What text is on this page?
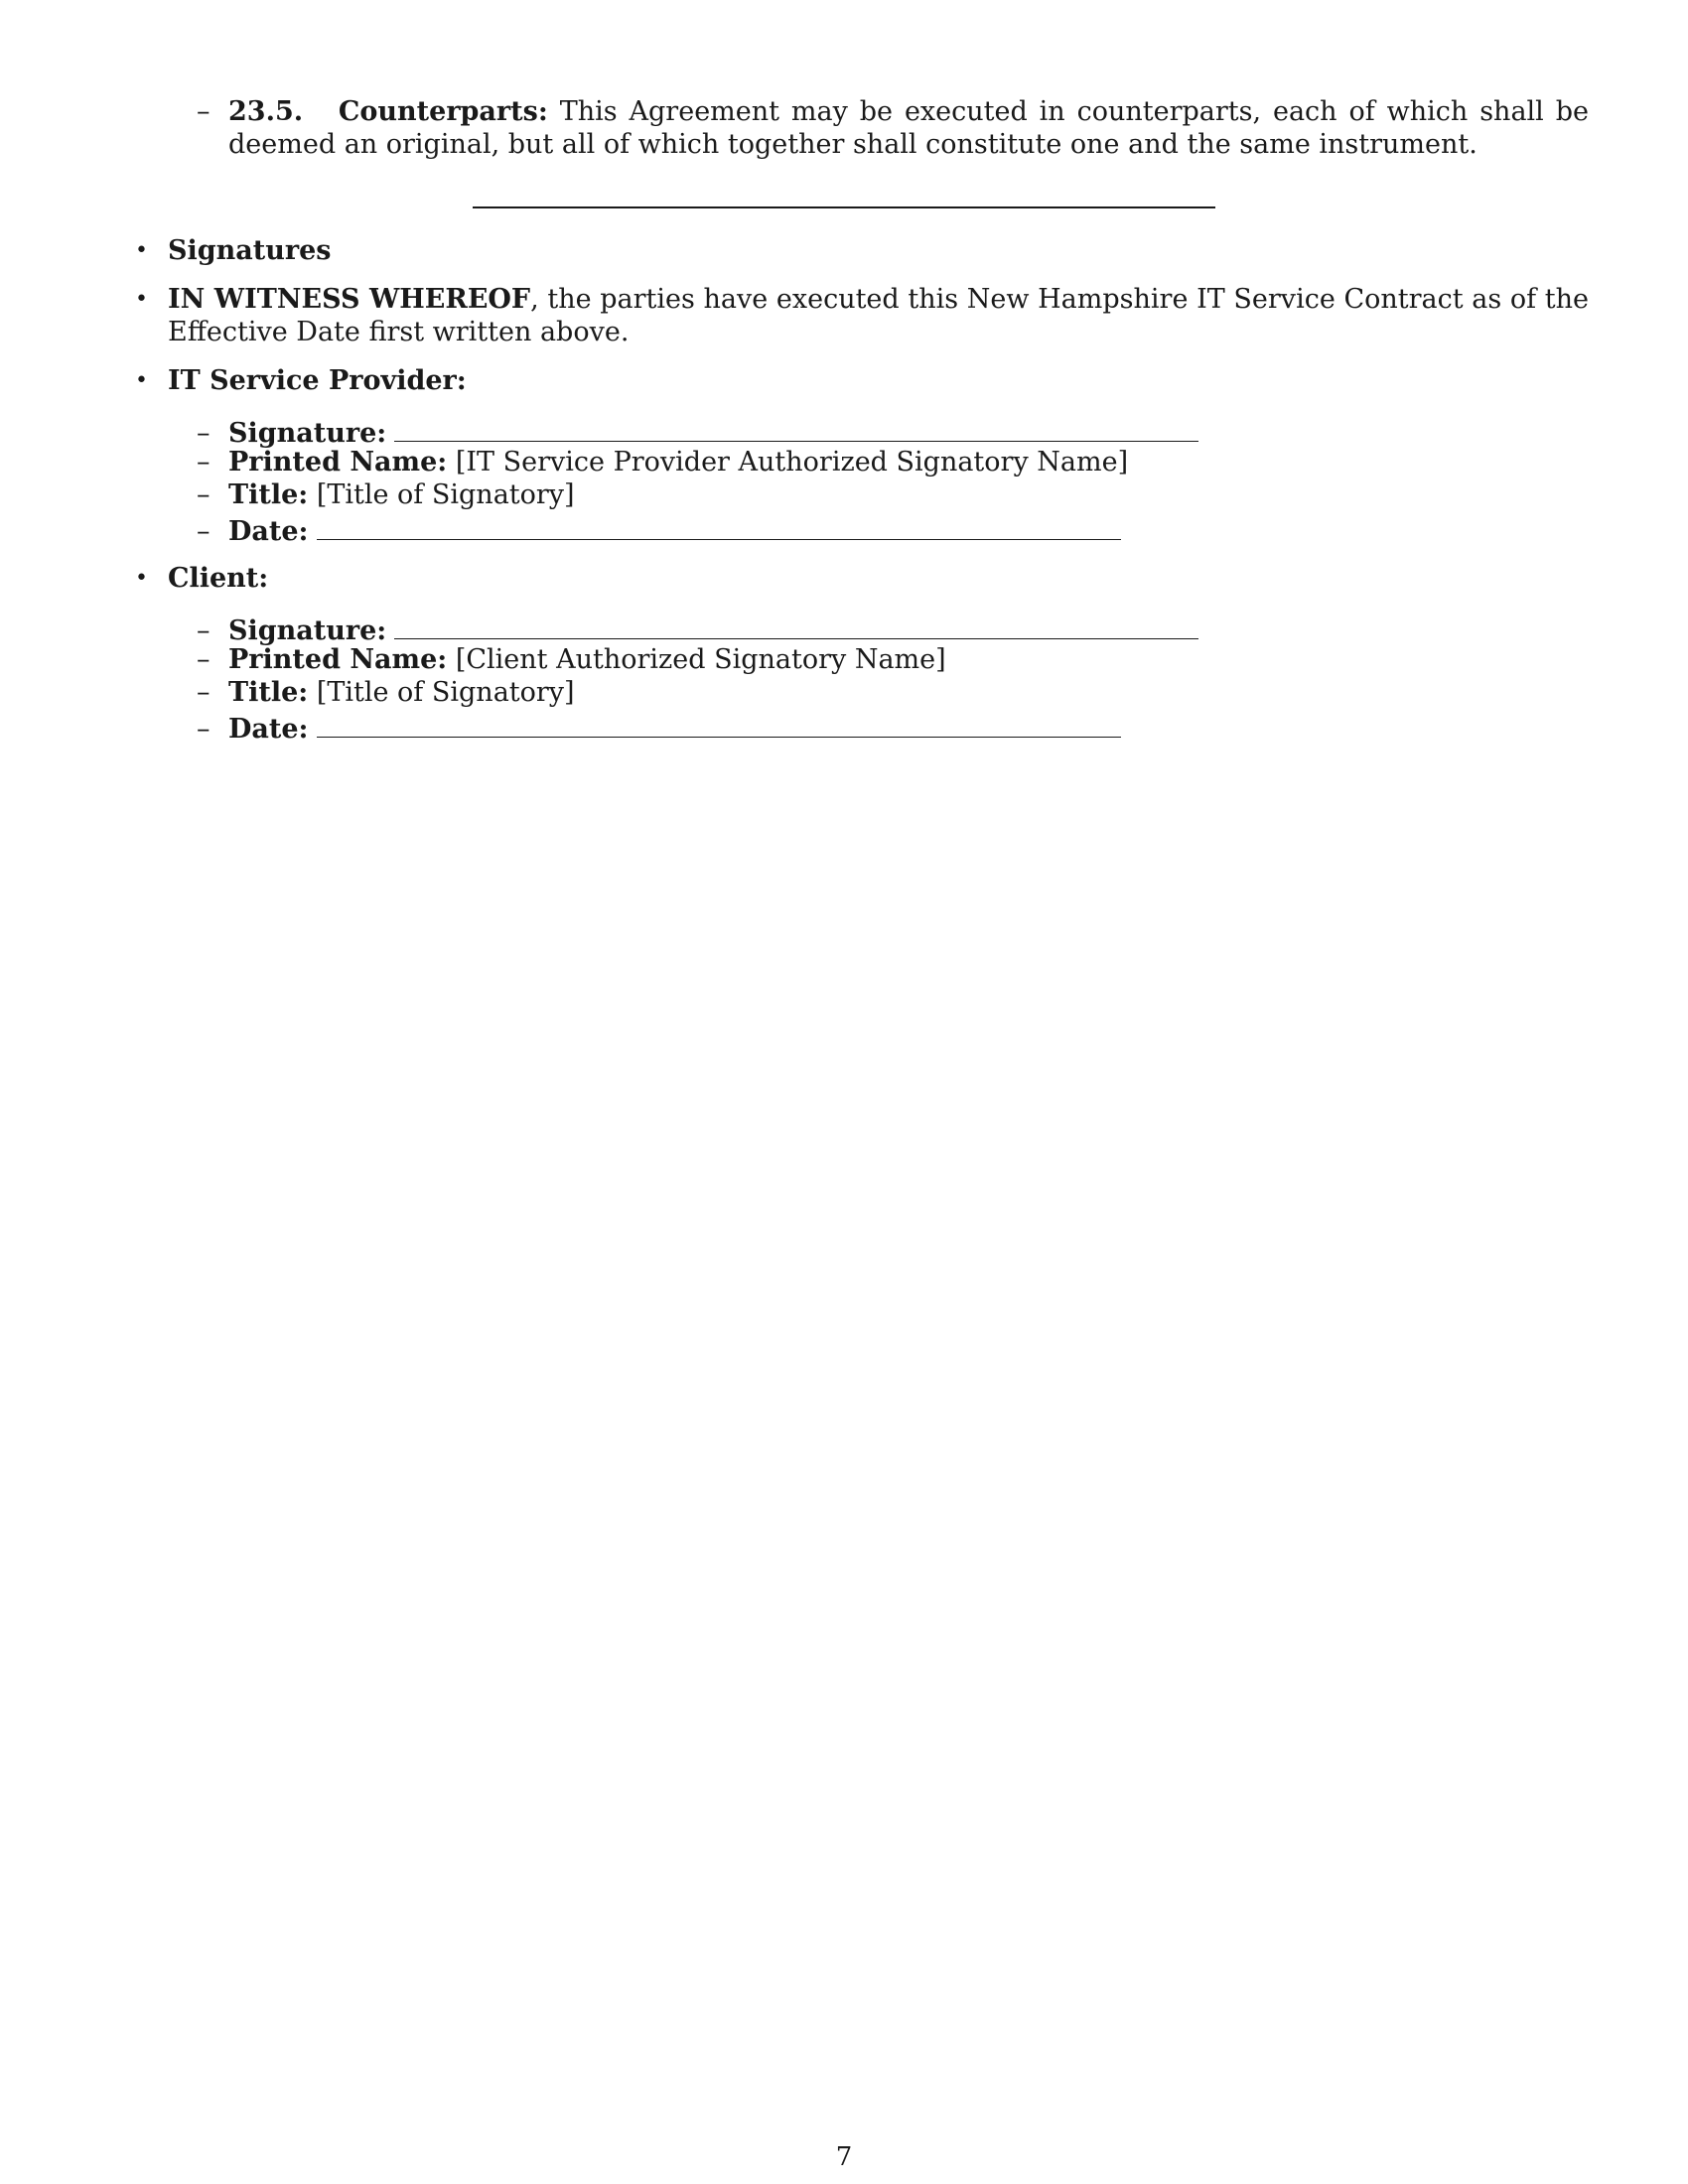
– 23.5. Counterparts: This Agreement may be executed in counterparts, each of which shall be deemed an original, but all of which together shall constitute one and the same instrument.
• Signatures
• IN WITNESS WHEREOF, the parties have executed this New Hampshire IT Service Contract as of the Effective Date first written above.
• IT Service Provider:
– Signature:
– Printed Name: [IT Service Provider Authorized Signatory Name]
– Title: [Title of Signatory]
– Date:
• Client:
– Signature:
– Printed Name: [Client Authorized Signatory Name]
– Title: [Title of Signatory]
– Date:
7
